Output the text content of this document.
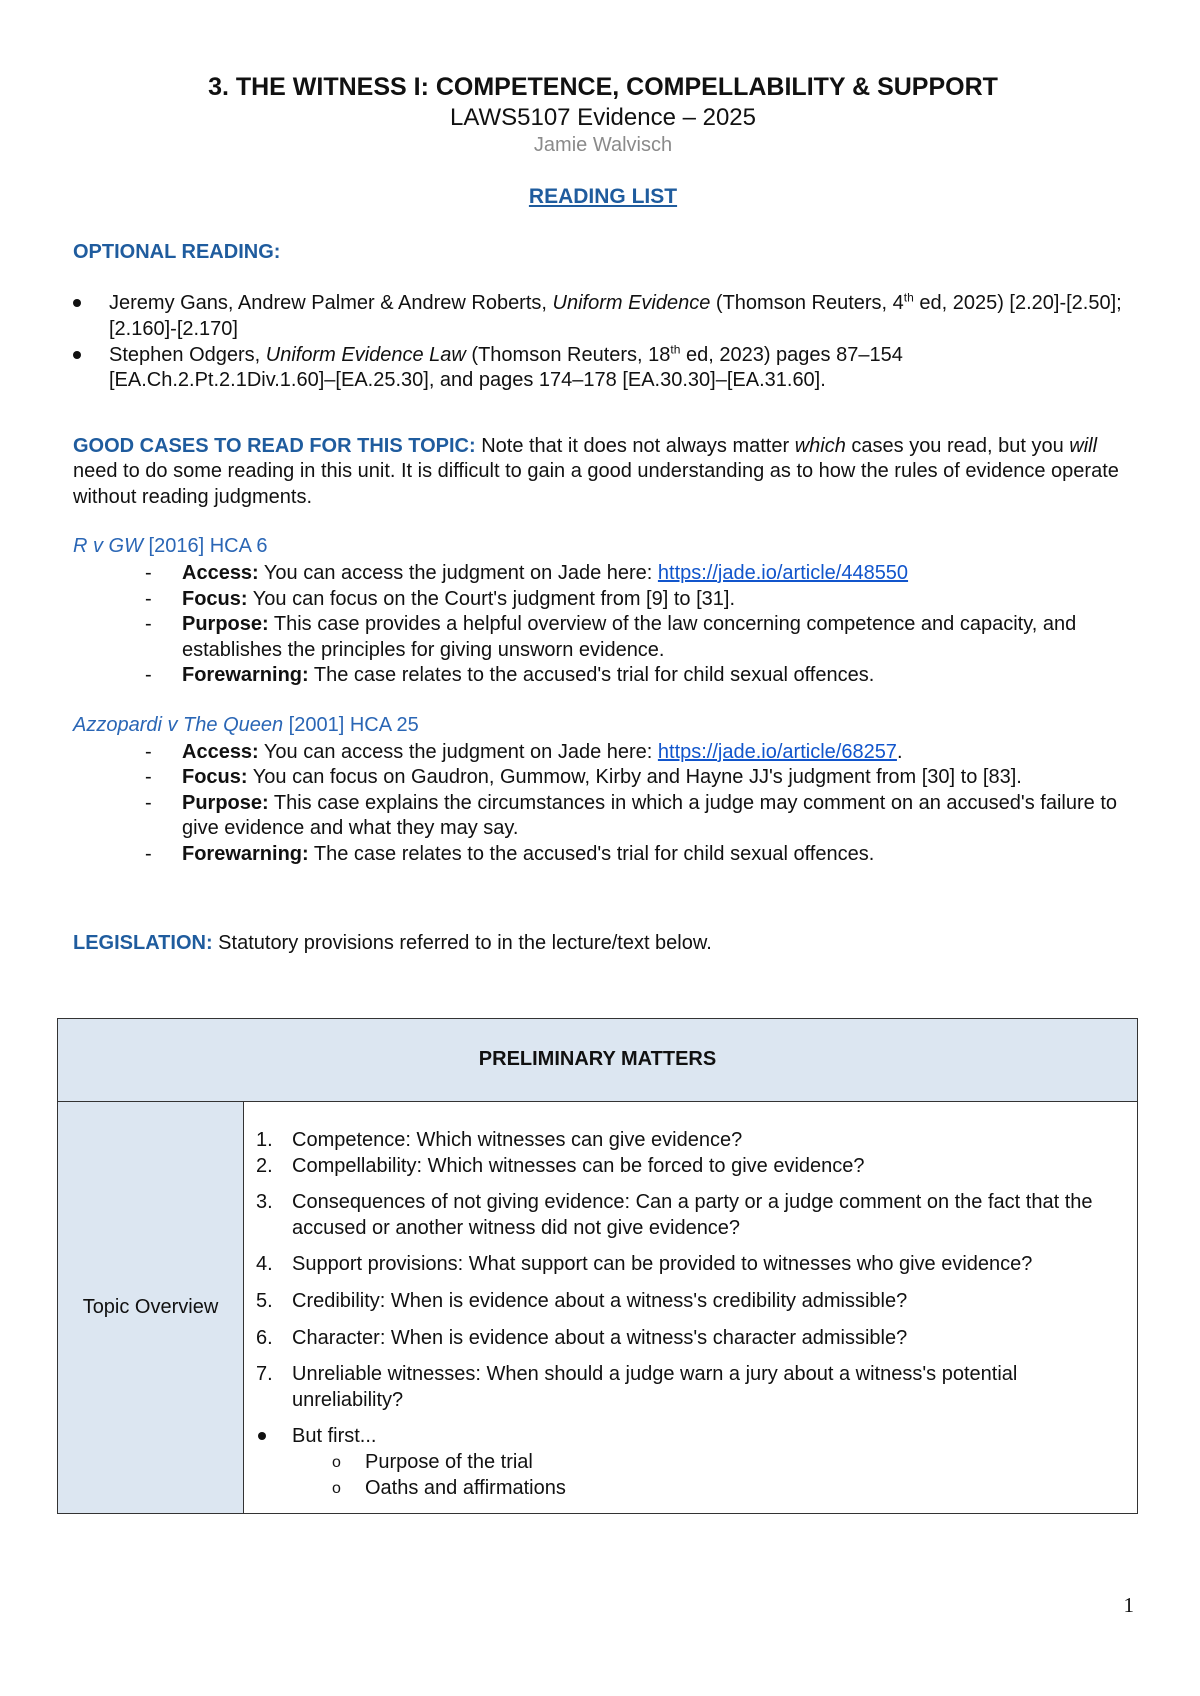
3. THE WITNESS I: COMPETENCE, COMPELLABILITY & SUPPORT

LAWS5107 Evidence – 2025

Jamie Walvisch

READING LIST
OPTIONAL READING:
Jeremy Gans, Andrew Palmer & Andrew Roberts, Uniform Evidence (Thomson Reuters, 4th ed, 2025) [2.20]-[2.50]; [2.160]-[2.170]
Stephen Odgers, Uniform Evidence Law (Thomson Reuters, 18th ed, 2023) pages 87–154 [EA.Ch.2.Pt.2.1Div.1.60]–[EA.25.30], and pages 174–178 [EA.30.30]–[EA.31.60].
GOOD CASES TO READ FOR THIS TOPIC: Note that it does not always matter which cases you read, but you will need to do some reading in this unit. It is difficult to gain a good understanding as to how the rules of evidence operate without reading judgments.
R v GW [2016] HCA 6
- Access: You can access the judgment on Jade here: https://jade.io/article/448550
- Focus: You can focus on the Court's judgment from [9] to [31].
- Purpose: This case provides a helpful overview of the law concerning competence and capacity, and establishes the principles for giving unsworn evidence.
- Forewarning: The case relates to the accused's trial for child sexual offences.
Azzopardi v The Queen [2001] HCA 25
- Access: You can access the judgment on Jade here: https://jade.io/article/68257.
- Focus: You can focus on Gaudron, Gummow, Kirby and Hayne JJ's judgment from [30] to [83].
- Purpose: This case explains the circumstances in which a judge may comment on an accused's failure to give evidence and what they may say.
- Forewarning: The case relates to the accused's trial for child sexual offences.
LEGISLATION: Statutory provisions referred to in the lecture/text below.
PRELIMINARY MATTERS
Topic Overview	
1. Competence: Which witnesses can give evidence?
2. Compellability: Which witnesses can be forced to give evidence?
3. Consequences of not giving evidence: Can a party or a judge comment on the fact that the accused or another witness did not give evidence?
4. Support provisions: What support can be provided to witnesses who give evidence?
5. Credibility: When is evidence about a witness's credibility admissible?
6. Character: When is evidence about a witness's character admissible?
7. Unreliable witnesses: When should a judge warn a jury about a witness's potential unreliability?
But first...
o Purpose of the trial
o Oaths and affirmations
1
